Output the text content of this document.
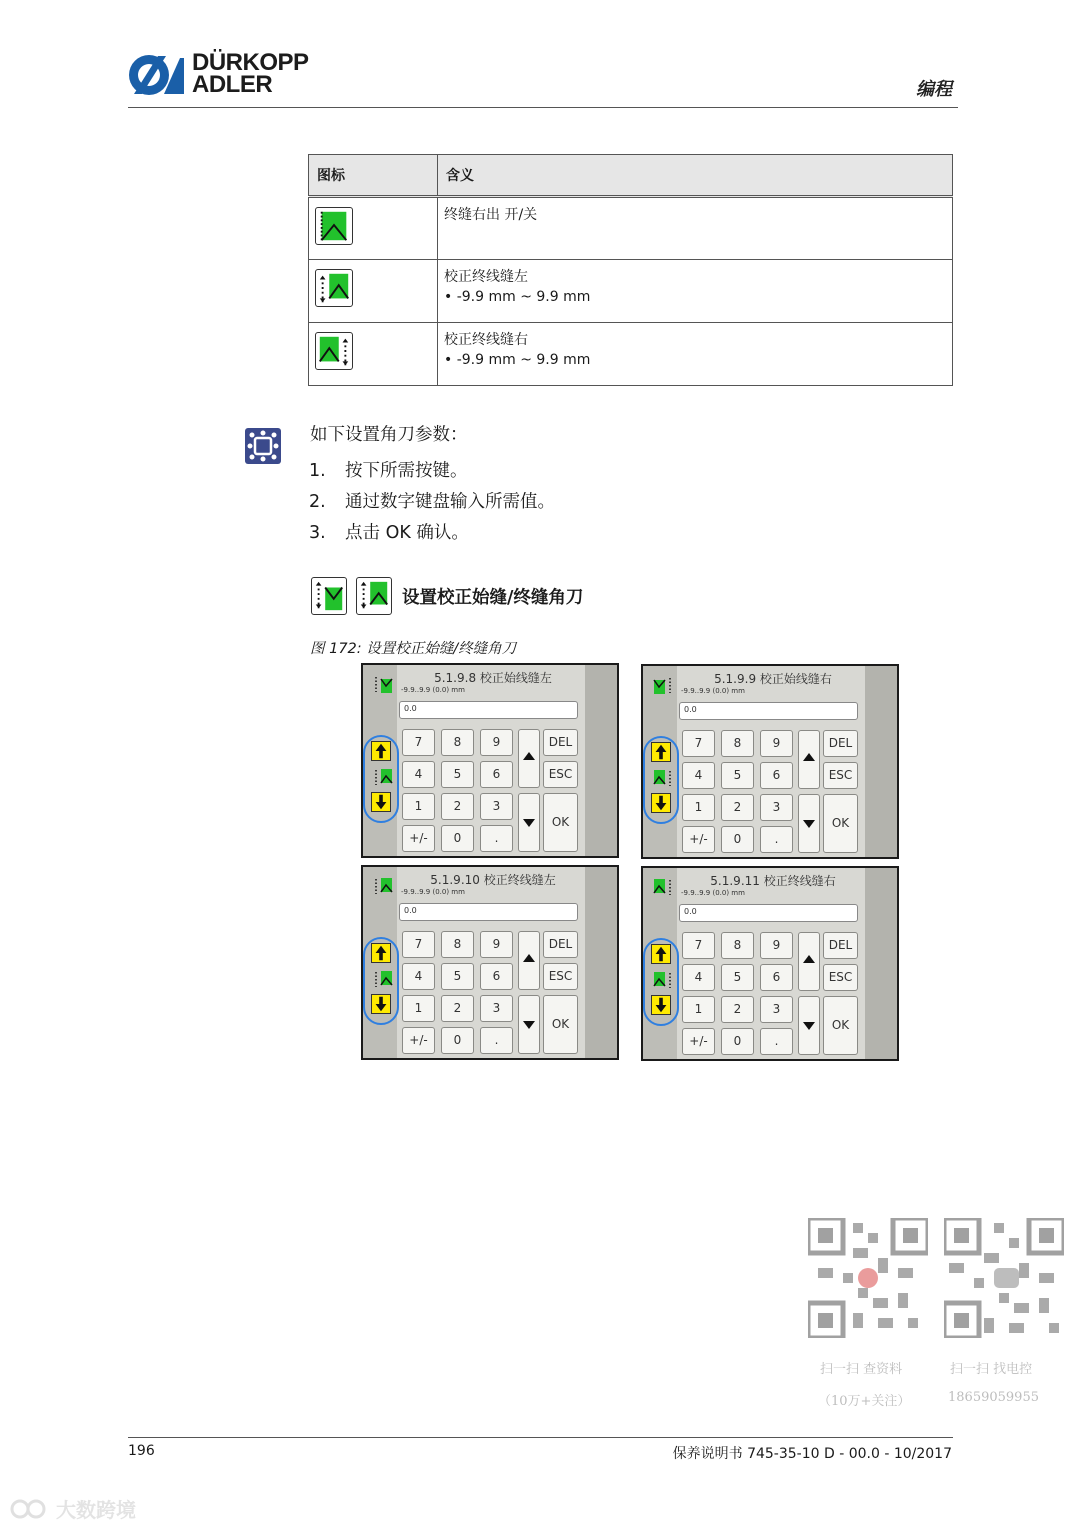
DÜRKOPP
ADLER	编程
图标	含义

终缝右出 开/关

校正终线缝左
• -9.9 mm ~ 9.9 mm

校正终线缝右
• -9.9 mm ~ 9.9 mm
如下设置角刀参数：
1. 按下所需按键。
2. 通过数字键盘输入所需值。
3. 点击 OK 确认。
设置校正始缝/终缝角刀
图 172: 设置校正始缝/终缝角刀
5.1.9.8 校正始线缝左
-9.9..9.9 (0.0) mm
0.0
7	8	9
4	5	6
1	2	3
+/-	0	.
DEL
ESC
OK
5.1.9.9 校正始线缝右
-9.9..9.9 (0.0) mm
0.0
7	8	9
4	5	6
1	2	3
+/-	0	.
DEL
ESC
OK
5.1.9.10 校正终线缝左
-9.9..9.9 (0.0) mm
0.0
7	8	9
4	5	6
1	2	3
+/-	0	.
DEL
ESC
OK
5.1.9.11 校正终线缝右
-9.9..9.9 (0.0) mm
0.0
7	8	9
4	5	6
1	2	3
+/-	0	.
DEL
ESC
OK
扫一扫 查资料
（10万+关注）
扫一扫 找电控
18659059955
196	保养说明书 745-35-10 D - 00.0 - 10/2017
大数跨境
